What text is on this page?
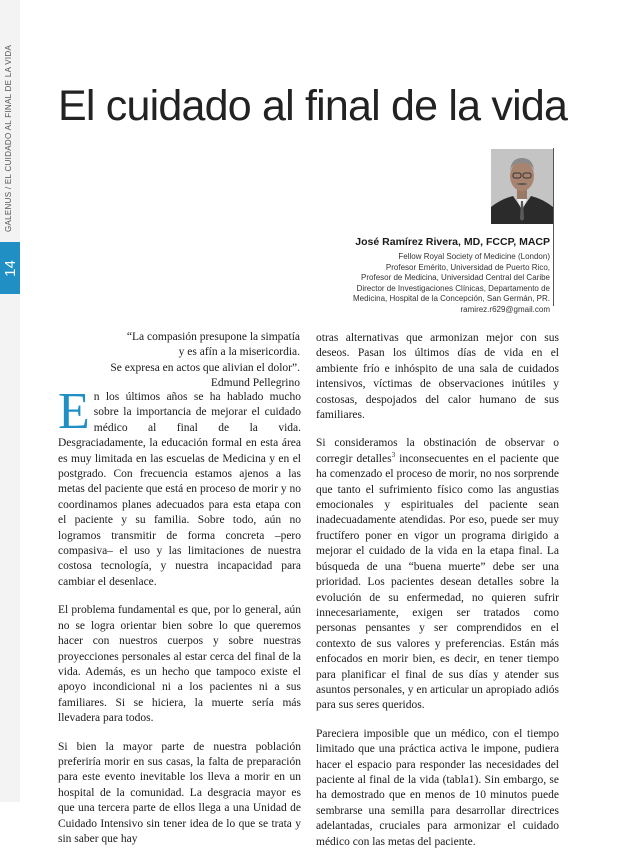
GALENUS / EL CUIDADO AL FINAL DE LA VIDA
14
El cuidado al final de la vida
José Ramírez Rivera, MD, FCCP, MACP
Fellow Royal Society of Medicine (London)
Profesor Emérito, Universidad de Puerto Rico,
Profesor de Medicina, Universidad Central del Caribe
Director de Investigaciones Clínicas, Departamento de
Medicina, Hospital de la Concepción, San Germán, PR.
ramirez.r629@gmail.com
“La compasión presupone la simpatía
y es afín a la misericordia.
Se expresa en actos que alivian el dolor”.
Edmund Pellegrino

En los últimos años se ha hablado mucho sobre la importancia de mejorar el cuidado médico al final de la vida. Desgraciadamente, la educación formal en esta área es muy limitada en las escuelas de Medicina y en el postgrado. Con frecuencia estamos ajenos a las metas del paciente que está en proceso de morir y no coordinamos planes adecuados para esta etapa con el paciente y su familia. Sobre todo, aún no logramos transmitir de forma concreta –pero compasiva– el uso y las limitaciones de nuestra costosa tecnología, y nuestra incapacidad para cambiar el desenlace.

El problema fundamental es que, por lo general, aún no se logra orientar bien sobre lo que queremos hacer con nuestros cuerpos y sobre nuestras proyecciones personales al estar cerca del final de la vida. Además, es un hecho que tampoco existe el apoyo incondicional ni a los pacientes ni a sus familiares. Si se hiciera, la muerte sería más llevadera para todos.

Si bien la mayor parte de nuestra población preferiría morir en sus casas, la falta de preparación para este evento inevitable los lleva a morir en un hospital de la comunidad. La desgracia mayor es que una tercera parte de ellos llega a una Unidad de Cuidado Intensivo sin tener idea de lo que se trata y sin saber que hay

otras alternativas que armonizan mejor con sus deseos. Pasan los últimos días de vida en el ambiente frío e inhóspito de una sala de cuidados intensivos, víctimas de observaciones inútiles y costosas, despojados del calor humano de sus familiares.

Si consideramos la obstinación de observar o corregir detalles$^3$ inconsecuentes en el paciente que ha comenzado el proceso de morir, no nos sorprende que tanto el sufrimiento físico como las angustias emocionales y espirituales del paciente sean inadecuadamente atendidas. Por eso, puede ser muy fructífero poner en vigor un programa dirigido a mejorar el cuidado de la vida en la etapa final. La búsqueda de una “buena muerte” debe ser una prioridad. Los pacientes desean detalles sobre la evolución de su enfermedad, no quieren sufrir innecesariamente, exigen ser tratados como personas pensantes y ser comprendidos en el contexto de sus valores y preferencias. Están más enfocados en morir bien, es decir, en tener tiempo para planificar el final de sus días y atender sus asuntos personales, y en articular un apropiado adiós para sus seres queridos.

Pareciera imposible que un médico, con el tiempo limitado que una práctica activa le impone, pudiera hacer el espacio para responder las necesidades del paciente al final de la vida (tabla1). Sin embargo, se ha demostrado que en menos de 10 minutos puede sembrarse una semilla para desarrollar directrices adelantadas, cruciales para armonizar el cuidado médico con las metas del paciente.
